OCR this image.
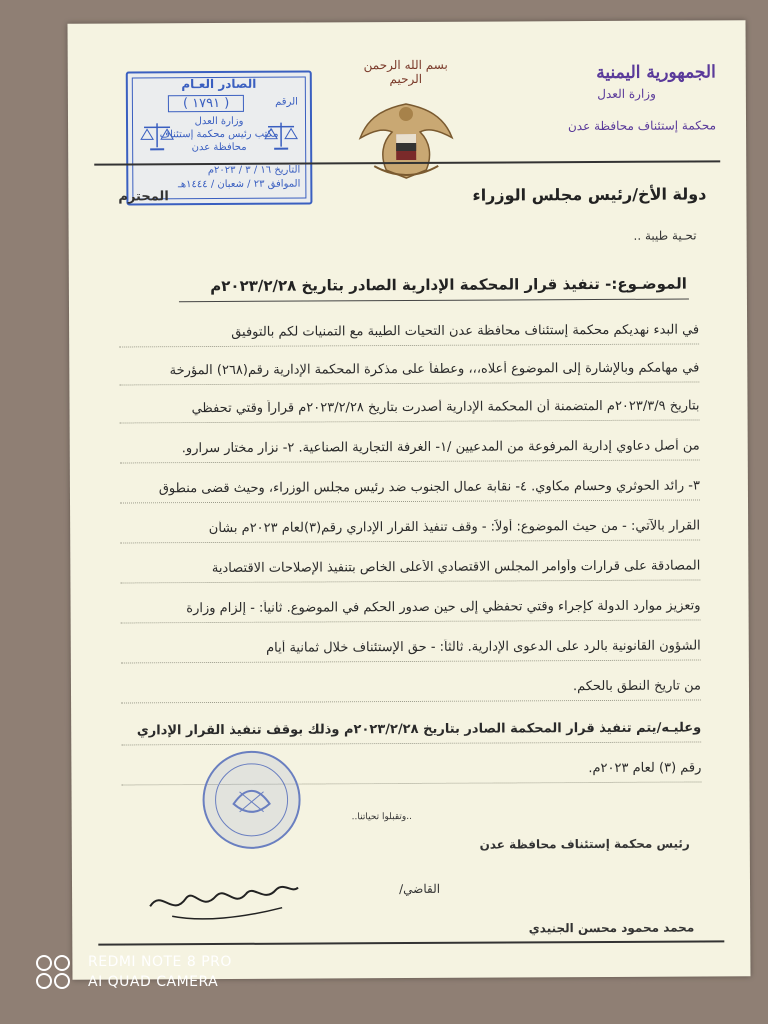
الجمهورية اليمنية
وزارة العدل
محكمة إستئناف محافظة عدن
بسم الله الرحمن الرحيم
الصادر العـام
الرقم
( ١٧٩١ )
وزارة العدل
مكتب رئيس محكمة إستئناف
محافظة عدن
التاريخ ١٦ / ٣ / ٢٠٢٣م
الموافق ٢٣ / شعبان / ١٤٤٤هـ
دولة الأخ/رئيس مجلس الوزراء
المحترم
تحـية طيبة ..
الموضـوع:- تنفيذ قرار المحكمة الإدارية الصادر بتاريخ ٢٠٢٣/٢/٢٨م
في البدء نهديكم محكمة إستئناف محافظة عدن التحيات الطيبة مع التمنيات لكم بالتوفيق
في مهامكم وبالإشارة إلى الموضوع أعلاه،،، وعطفاً على مذكرة المحكمة الإدارية رقم(٢٦٨) المؤرخة
بتاريخ ٢٠٢٣/٣/٩م المتضمنة أن المحكمة الإدارية أصدرت بتاريخ ٢٠٢٣/٢/٢٨م قراراً وقتي تحفظي
من أصل دعاوي إدارية المرفوعة من المدعيين /١- الغرفة التجارية الصناعية. ٢- نزار مختار سرارو.
٣- رائد الحوثري وحسام مكاوي. ٤- نقابة عمال الجنوب ضد رئيس مجلس الوزراء، وحيث قضى منطوق
القرار بالآتي: - من حيث الموضوع: أولاً: - وقف تنفيذ القرار الإداري رقم(٣)لعام ٢٠٢٣م بشأن
المصادقة على قرارات وأوامر المجلس الاقتصادي الأعلى الخاص بتنفيذ الإصلاحات الاقتصادية
وتعزيز موارد الدولة كإجراء وقتي تحفظي إلى حين صدور الحكم في الموضوع. ثانياً: - إلزام وزارة
الشؤون القانونية بالرد على الدعوى الإدارية. ثالثاً: - حق الإستئناف خلال ثمانية أيام
من تاريخ النطق بالحكم.
وعليـه/يتم تنفيذ قرار المحكمة الصادر بتاريخ ٢٠٢٣/٢/٢٨م وذلك بوقف تنفيذ القرار الإداري
رقم (٣) لعام ٢٠٢٣م.
..وتقبلوا تحياتنا..
رئيس محكمة إستئناف محافظة عدن
القاضي/
محمد محمود محسن الجنيدي
REDMI NOTE 8 PRO
AI QUAD CAMERA
